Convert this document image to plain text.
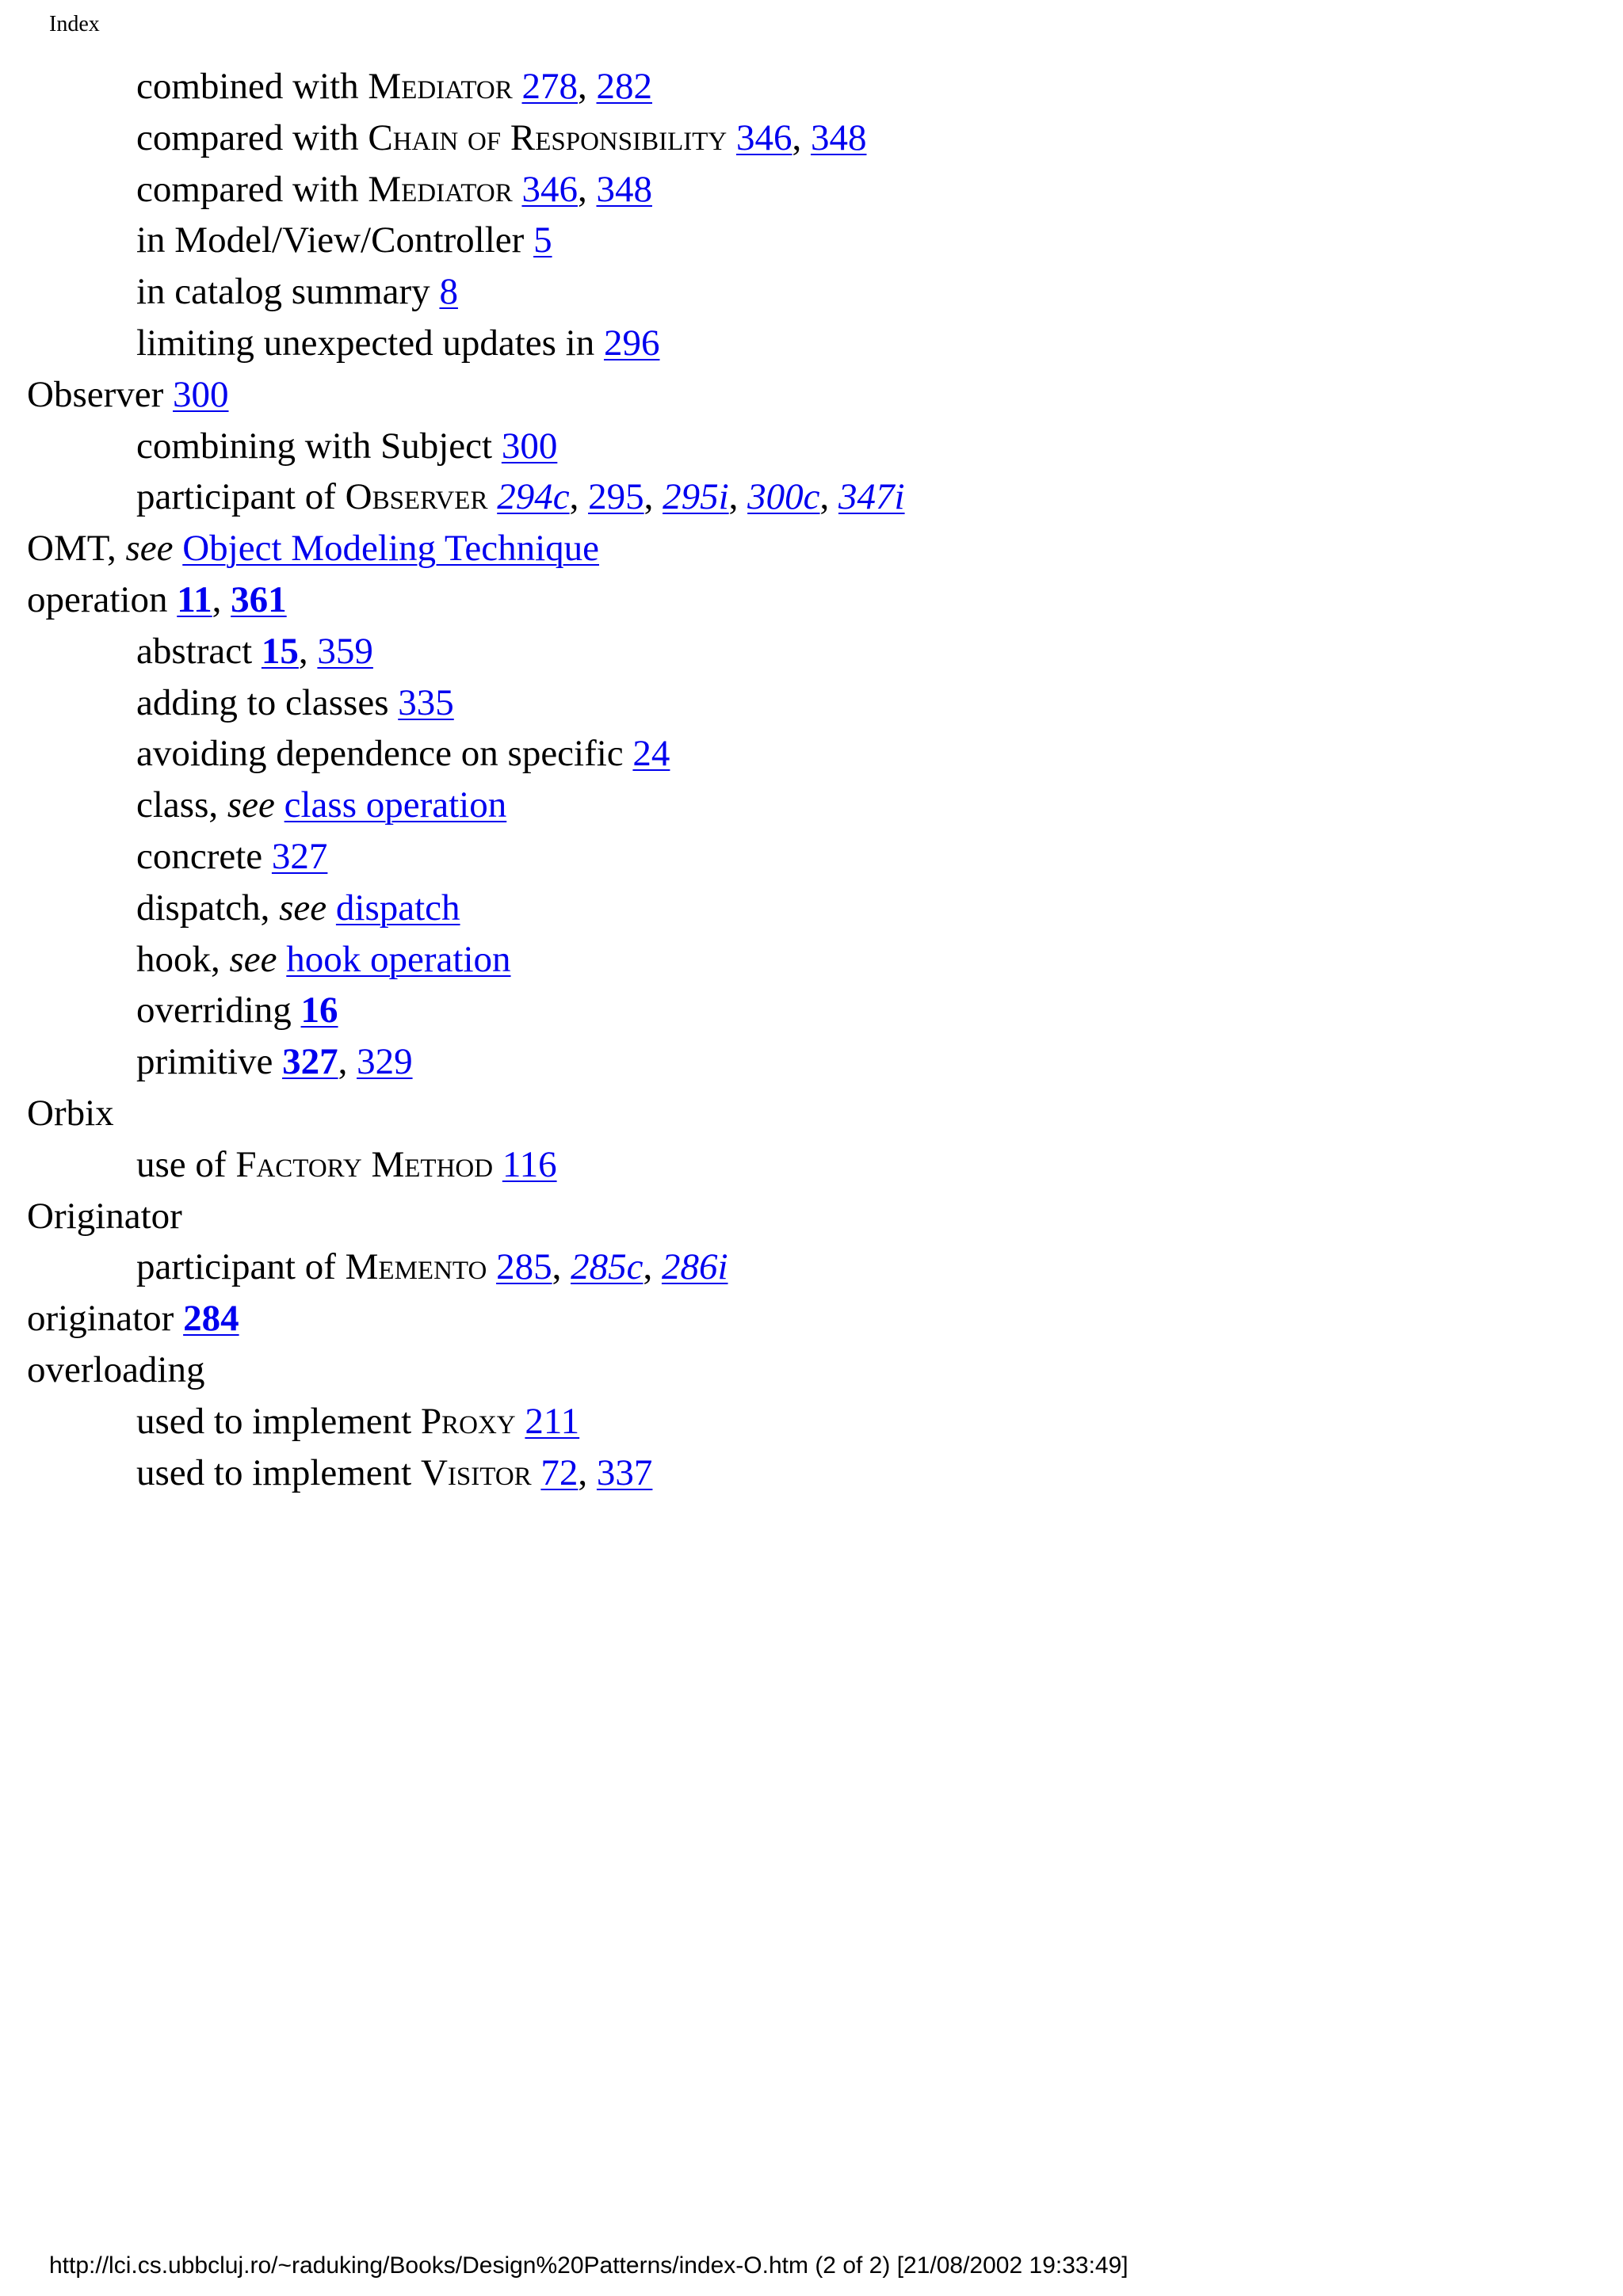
Index
combined with Mediator 278, 282
compared with Chain of Responsibility 346, 348
compared with Mediator 346, 348
in Model/View/Controller 5
in catalog summary 8
limiting unexpected updates in 296
Observer 300
combining with Subject 300
participant of Observer 294c, 295, 295i, 300c, 347i
OMT, see Object Modeling Technique
operation 11, 361
abstract 15, 359
adding to classes 335
avoiding dependence on specific 24
class, see class operation
concrete 327
dispatch, see dispatch
hook, see hook operation
overriding 16
primitive 327, 329
Orbix
use of Factory Method 116
Originator
participant of Memento 285, 285c, 286i
originator 284
overloading
used to implement Proxy 211
used to implement Visitor 72, 337
http://lci.cs.ubbcluj.ro/~raduking/Books/Design%20Patterns/index-O.htm (2 of 2) [21/08/2002 19:33:49]
